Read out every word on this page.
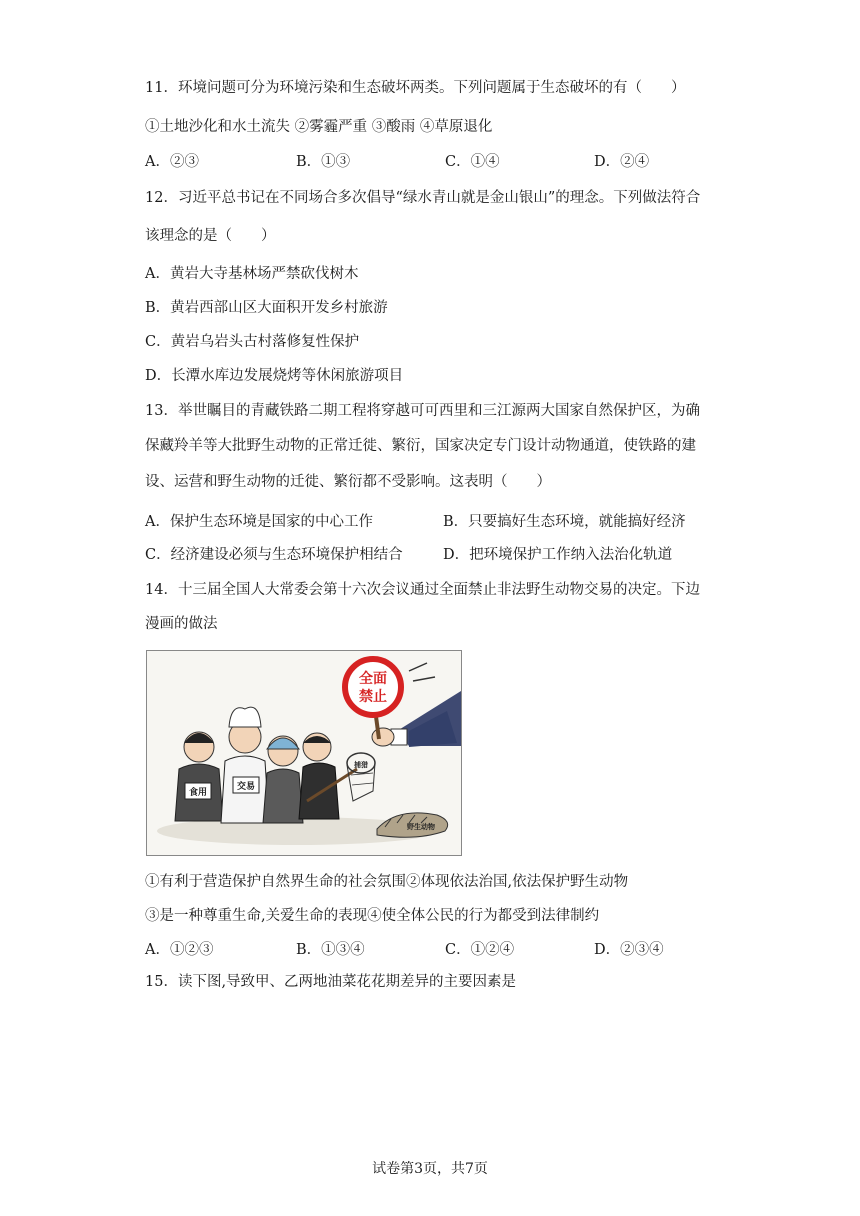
11．环境问题可分为环境污染和生态破坏两类。下列问题属于生态破坏的有（　　）
①土地沙化和水土流失 ②雾霾严重 ③酸雨 ④草原退化
A．②③	B．①③	C．①④	D．②④
12．习近平总书记在不同场合多次倡导“绿水青山就是金山银山”的理念。下列做法符合
该理念的是（　　）
A．黄岩大寺基林场严禁砍伐树木
B．黄岩西部山区大面积开发乡村旅游
C．黄岩乌岩头古村落修复性保护
D．长潭水库边发展烧烤等休闲旅游项目
13．举世瞩目的青藏铁路二期工程将穿越可可西里和三江源两大国家自然保护区，为确
保藏羚羊等大批野生动物的正常迁徙、繁衍，国家决定专门设计动物通道，使铁路的建
设、运营和野生动物的迁徙、繁衍都不受影响。这表明（　　）
A．保护生态环境是国家的中心工作	B．只要搞好生态环境，就能搞好经济
C．经济建设必须与生态环境保护相结合	D．把环境保护工作纳入法治化轨道
14．十三届全国人大常委会第十六次会议通过全面禁止非法野生动物交易的决定。下边
漫画的做法
全面
禁止
食用
交易
捕猎
野生动物
①有利于营造保护自然界生命的社会氛围②体现依法治国,依法保护野生动物
③是一种尊重生命,关爱生命的表现④使全体公民的行为都受到法律制约
A．①②③	B．①③④	C．①②④	D．②③④
15．读下图,导致甲、乙两地油菜花花期差异的主要因素是
试卷第3页，共7页
